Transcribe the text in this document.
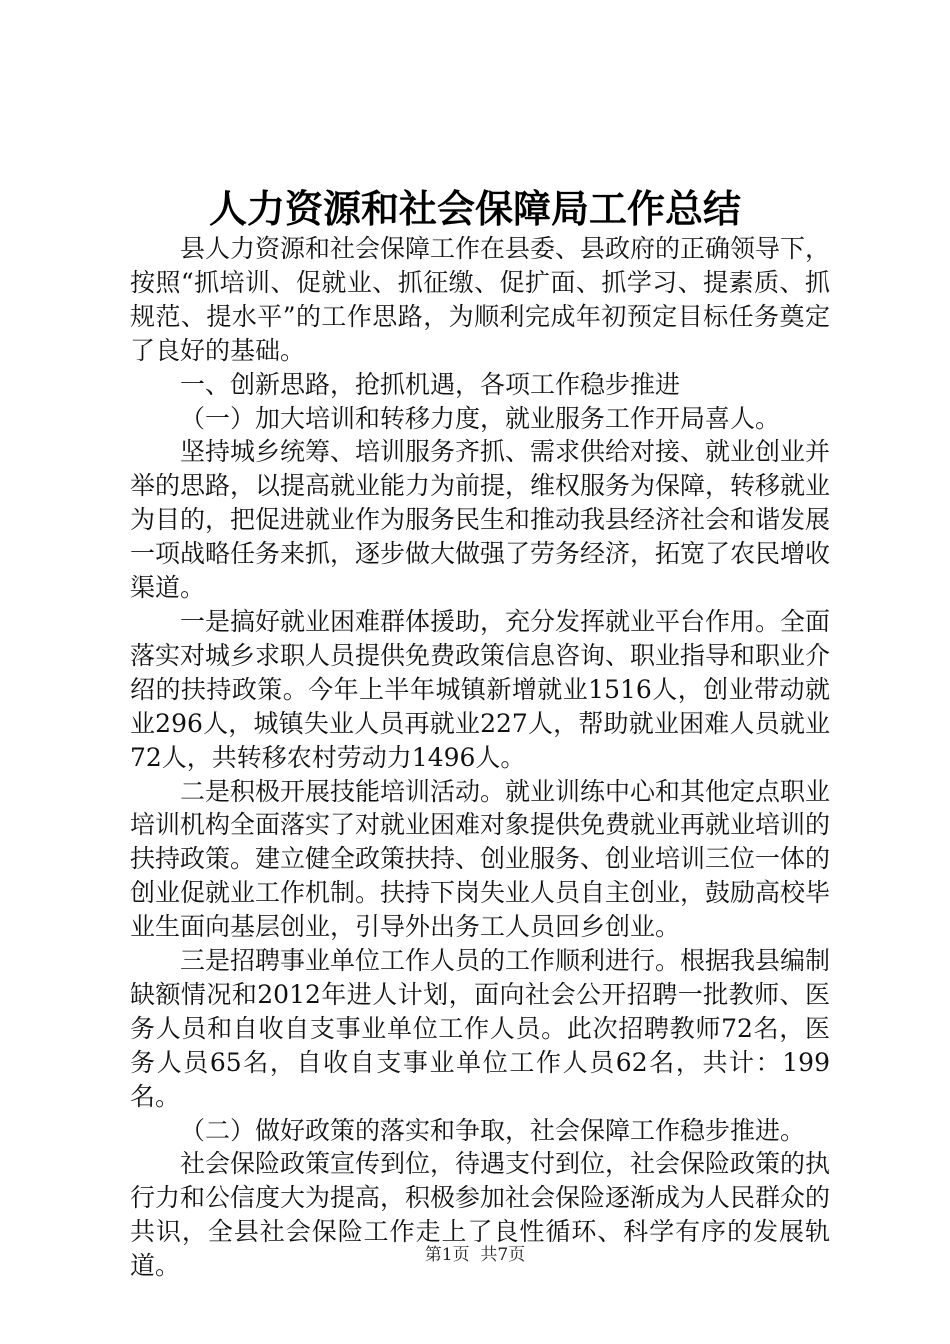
人力资源和社会保障局工作总结

县人力资源和社会保障工作在县委、县政府的正确领导下，按照“抓培训、促就业、抓征缴、促扩面、抓学习、提素质、抓规范、提水平”的工作思路，为顺利完成年初预定目标任务奠定了良好的基础。

一、创新思路，抢抓机遇，各项工作稳步推进

（一）加大培训和转移力度，就业服务工作开局喜人。

坚持城乡统筹、培训服务齐抓、需求供给对接、就业创业并举的思路，以提高就业能力为前提，维权服务为保障，转移就业为目的，把促进就业作为服务民生和推动我县经济社会和谐发展一项战略任务来抓，逐步做大做强了劳务经济，拓宽了农民增收渠道。

一是搞好就业困难群体援助，充分发挥就业平台作用。全面落实对城乡求职人员提供免费政策信息咨询、职业指导和职业介绍的扶持政策。今年上半年城镇新增就业1516人，创业带动就业296人，城镇失业人员再就业227人，帮助就业困难人员就业72人，共转移农村劳动力1496人。

二是积极开展技能培训活动。就业训练中心和其他定点职业培训机构全面落实了对就业困难对象提供免费就业再就业培训的扶持政策。建立健全政策扶持、创业服务、创业培训三位一体的创业促就业工作机制。扶持下岗失业人员自主创业，鼓励高校毕业生面向基层创业，引导外出务工人员回乡创业。

三是招聘事业单位工作人员的工作顺利进行。根据我县编制缺额情况和2012年进人计划，面向社会公开招聘一批教师、医务人员和自收自支事业单位工作人员。此次招聘教师72名，医务人员65名，自收自支事业单位工作人员62名，共计：199名。

（二）做好政策的落实和争取，社会保障工作稳步推进。

社会保险政策宣传到位，待遇支付到位，社会保险政策的执行力和公信度大为提高，积极参加社会保险逐渐成为人民群众的共识，全县社会保险工作走上了良性循环、科学有序的发展轨道。	第1页 共7页
